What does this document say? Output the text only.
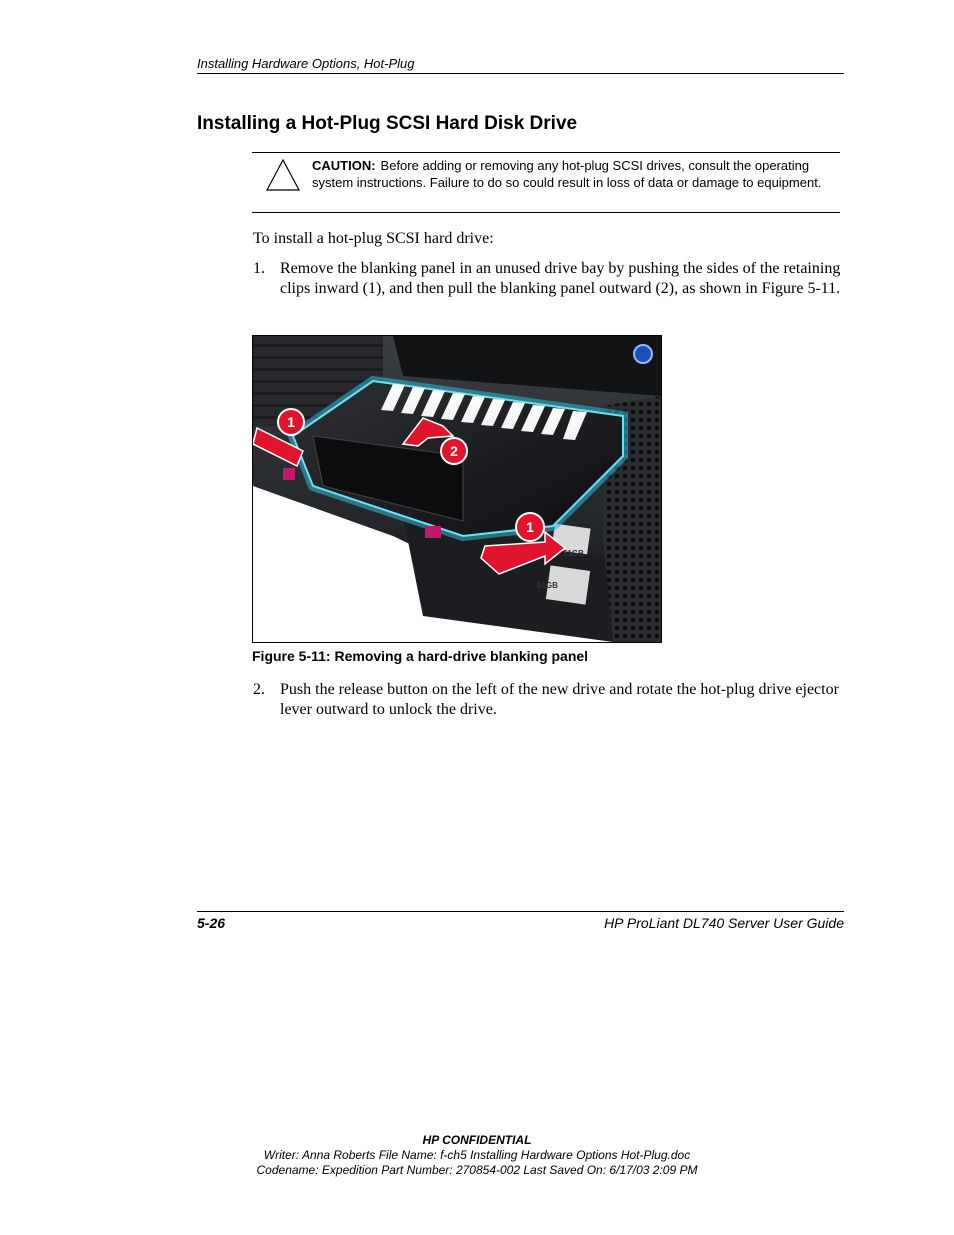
Installing Hardware Options, Hot-Plug
Installing a Hot-Plug SCSI Hard Disk Drive
CAUTION: Before adding or removing any hot-plug SCSI drives, consult the operating system instructions. Failure to do so could result in loss of data or damage to equipment.
To install a hot-plug SCSI hard drive:
1. Remove the blanking panel in an unused drive bay by pushing the sides of the retaining clips inward (1), and then pull the blanking panel outward (2), as shown in Figure 5-11.
51GB
51GB
1
2
1
Figure 5-11: Removing a hard-drive blanking panel
2. Push the release button on the left of the new drive and rotate the hot-plug drive ejector lever outward to unlock the drive.
5-26	HP ProLiant DL740 Server User Guide
HP CONFIDENTIAL
Writer: Anna Roberts File Name: f-ch5 Installing Hardware Options Hot-Plug.doc
Codename: Expedition Part Number: 270854-002 Last Saved On: 6/17/03 2:09 PM
